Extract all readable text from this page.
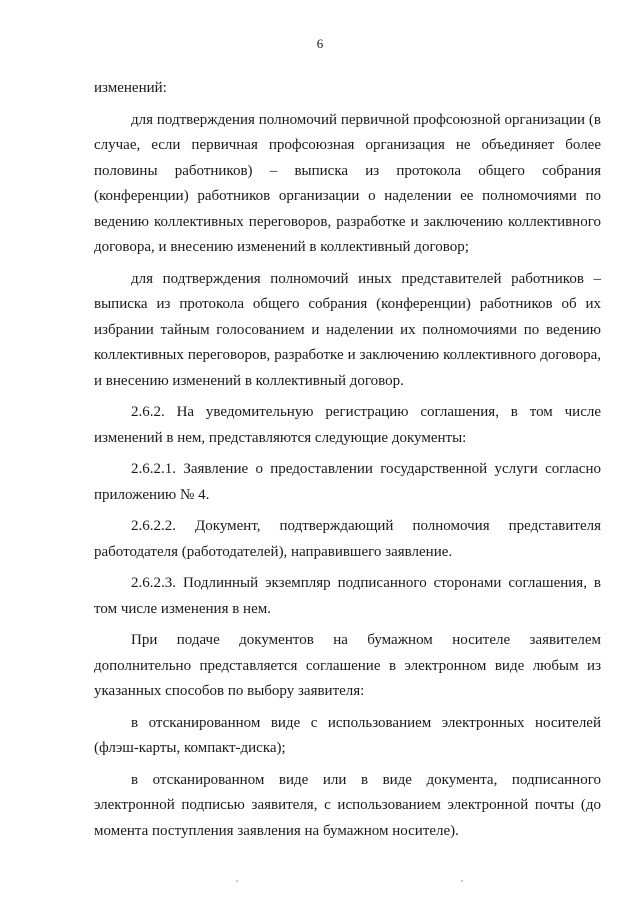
6

изменений:

для подтверждения полномочий первичной профсоюзной организации (в случае, если первичная профсоюзная организация не объединяет более половины работников) – выписка из протокола общего собрания (конференции) работников организации о наделении ее полномочиями по ведению коллективных переговоров, разработке и заключению коллективного договора, и внесению изменений в коллективный договор;

для подтверждения полномочий иных представителей работников – выписка из протокола общего собрания (конференции) работников об их избрании тайным голосованием и наделении их полномочиями по ведению коллективных переговоров, разработке и заключению коллективного договора, и внесению изменений в коллективный договор.

2.6.2. На уведомительную регистрацию соглашения, в том числе изменений в нем, представляются следующие документы:

2.6.2.1. Заявление о предоставлении государственной услуги согласно приложению № 4.

2.6.2.2. Документ, подтверждающий полномочия представителя работодателя (работодателей), направившего заявление.

2.6.2.3. Подлинный экземпляр подписанного сторонами соглашения, в том числе изменения в нем.

При подаче документов на бумажном носителе заявителем дополнительно представляется соглашение в электронном виде любым из указанных способов по выбору заявителя:

в отсканированном виде с использованием электронных носителей (флэш-карты, компакт-диска);

в отсканированном виде или в виде документа, подписанного электронной подписью заявителя, с использованием электронной почты (до момента поступления заявления на бумажном носителе).
